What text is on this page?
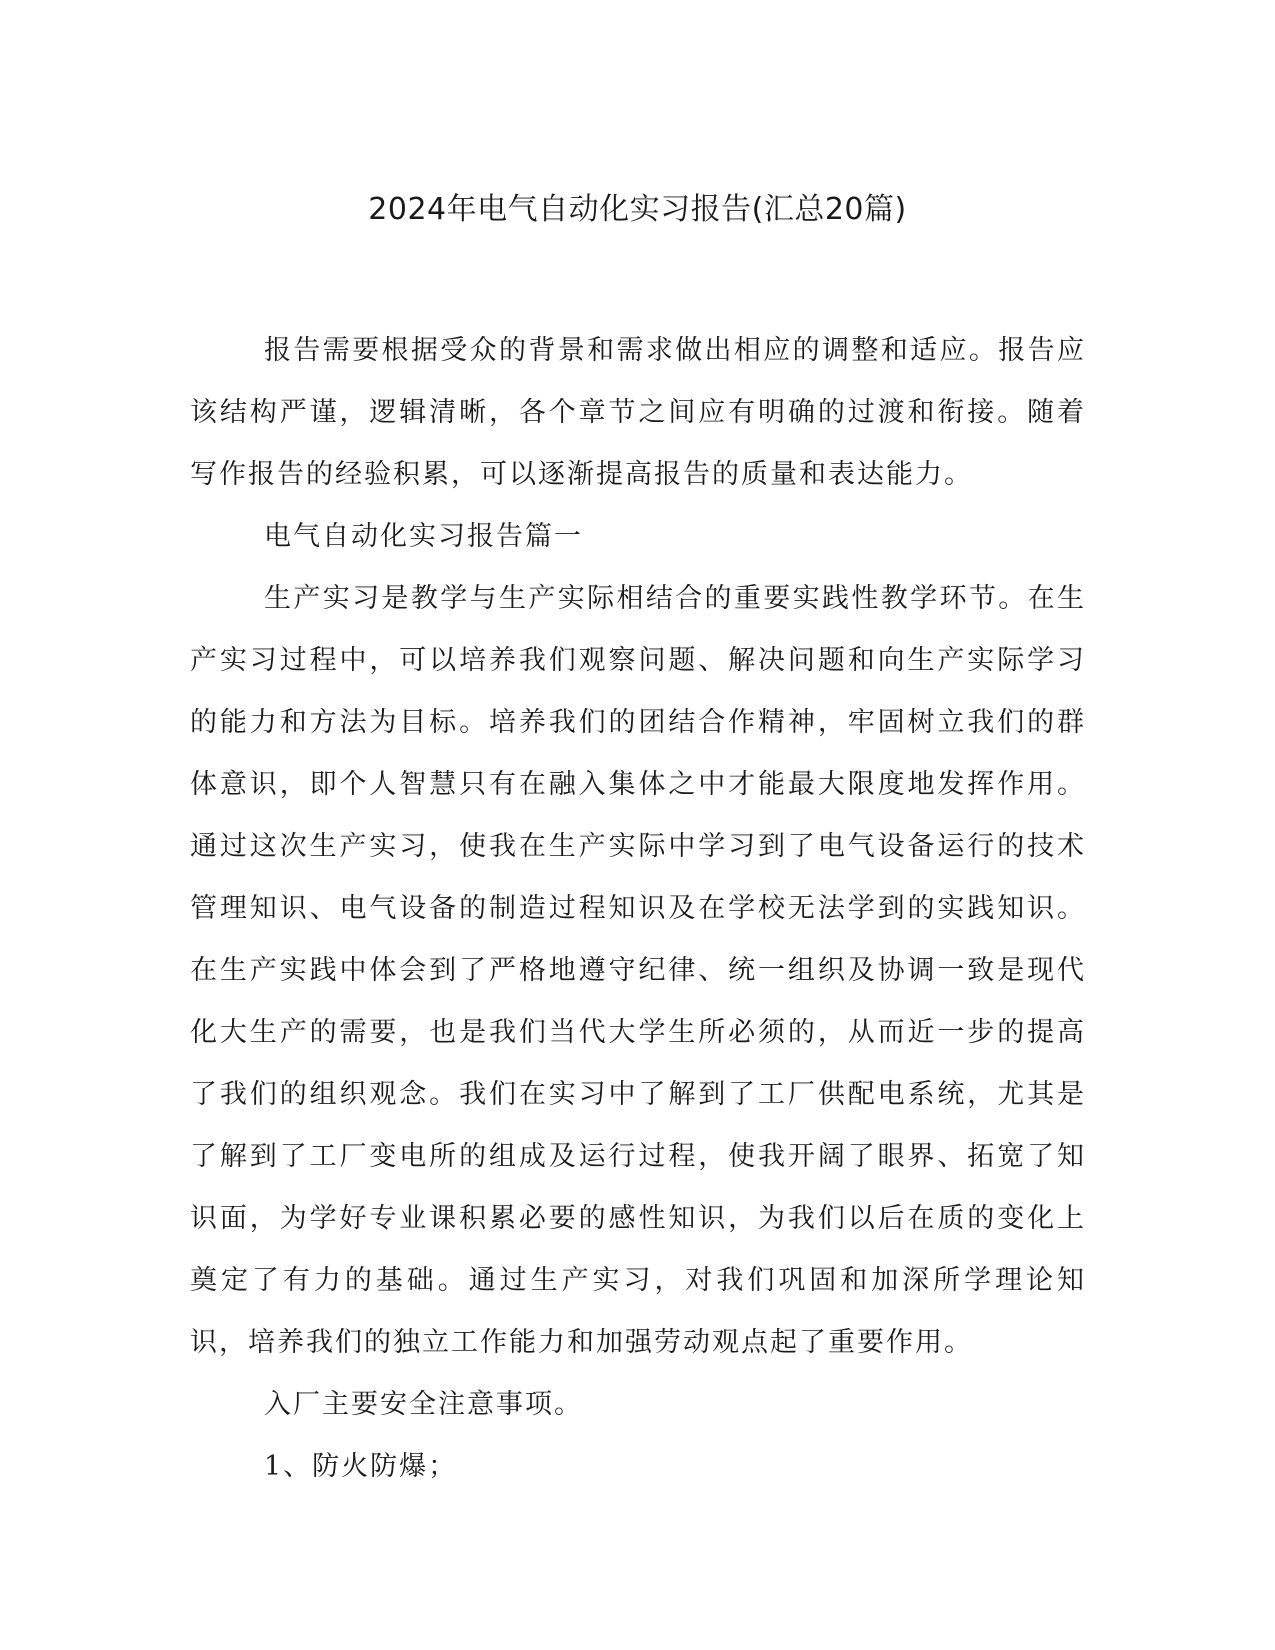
2024年电气自动化实习报告(汇总20篇)

报告需要根据受众的背景和需求做出相应的调整和适应。报告应该结构严谨，逻辑清晰，各个章节之间应有明确的过渡和衔接。随着写作报告的经验积累，可以逐渐提高报告的质量和表达能力。

电气自动化实习报告篇一

生产实习是教学与生产实际相结合的重要实践性教学环节。在生产实习过程中，可以培养我们观察问题、解决问题和向生产实际学习的能力和方法为目标。培养我们的团结合作精神，牢固树立我们的群体意识，即个人智慧只有在融入集体之中才能最大限度地发挥作用。通过这次生产实习，使我在生产实际中学习到了电气设备运行的技术管理知识、电气设备的制造过程知识及在学校无法学到的实践知识。在生产实践中体会到了严格地遵守纪律、统一组织及协调一致是现代化大生产的需要，也是我们当代大学生所必须的，从而近一步的提高了我们的组织观念。我们在实习中了解到了工厂供配电系统，尤其是了解到了工厂变电所的组成及运行过程，使我开阔了眼界、拓宽了知识面，为学好专业课积累必要的感性知识，为我们以后在质的变化上奠定了有力的基础。通过生产实习，对我们巩固和加深所学理论知识，培养我们的独立工作能力和加强劳动观点起了重要作用。

入厂主要安全注意事项。

1、防火防爆；
